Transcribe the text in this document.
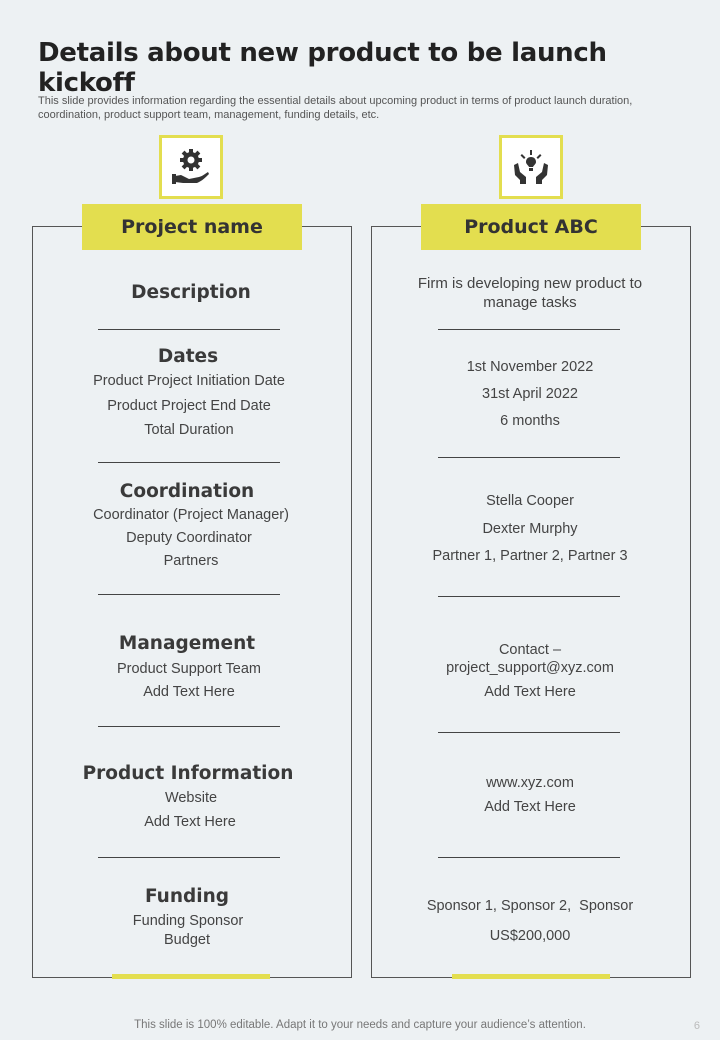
Details about new product to be launch kickoff
This slide provides information regarding the essential details about upcoming product in terms of product launch duration, coordination, product support team, management, funding details, etc.
Project name	Product ABC
Description
Dates
Product Project Initiation Date
Product Project End Date
Total Duration
Coordination
Coordinator (Project Manager)
Deputy Coordinator
Partners
Management
Product Support Team
Add Text Here
Product Information
Website
Add Text Here
Funding
Funding Sponsor
Budget
Firm is developing new product to manage tasks
1st November 2022
31st April 2022
6 months
Stella Cooper
Dexter Murphy
Partner 1, Partner 2, Partner 3
Contact –
project_support@xyz.com
Add Text Here
www.xyz.com
Add Text Here
Sponsor 1, Sponsor 2,  Sponsor
US$200,000
This slide is 100% editable. Adapt it to your needs and capture your audience’s attention.	6
